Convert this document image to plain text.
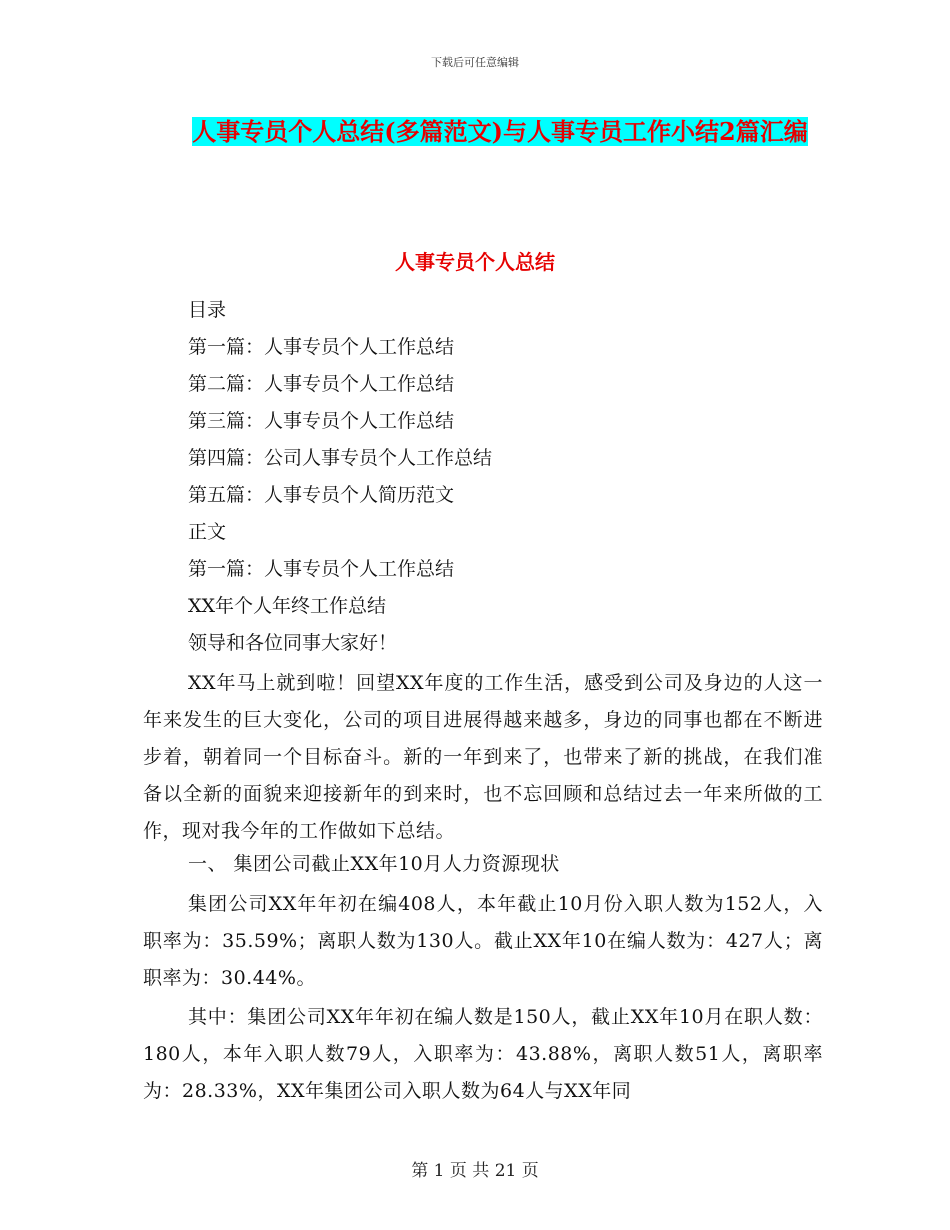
下载后可任意编辑
人事专员个人总结(多篇范文)与人事专员工作小结2篇汇编
人事专员个人总结
目录
第一篇：人事专员个人工作总结
第二篇：人事专员个人工作总结
第三篇：人事专员个人工作总结
第四篇：公司人事专员个人工作总结
第五篇：人事专员个人简历范文
正文
第一篇：人事专员个人工作总结
XX年个人年终工作总结
领导和各位同事大家好！

XX年马上就到啦！回望XX年度的工作生活，感受到公司及身边的人这一年来发生的巨大变化，公司的项目进展得越来越多，身边的同事也都在不断进步着，朝着同一个目标奋斗。新的一年到来了，也带来了新的挑战，在我们准备以全新的面貌来迎接新年的到来时，也不忘回顾和总结过去一年来所做的工作，现对我今年的工作做如下总结。

一、 集团公司截止XX年10月人力资源现状

集团公司XX年年初在编408人，本年截止10月份入职人数为152人，入职率为：35.59%；离职人数为130人。截止XX年10在编人数为：427人；离职率为：30.44%。

其中：集团公司XX年年初在编人数是150人，截止XX年10月在职人数：180人，本年入职人数79人，入职率为：43.88%，离职人数51人，离职率为：28.33%，XX年集团公司入职人数为64人与XX年同

第 1 页 共 21 页
